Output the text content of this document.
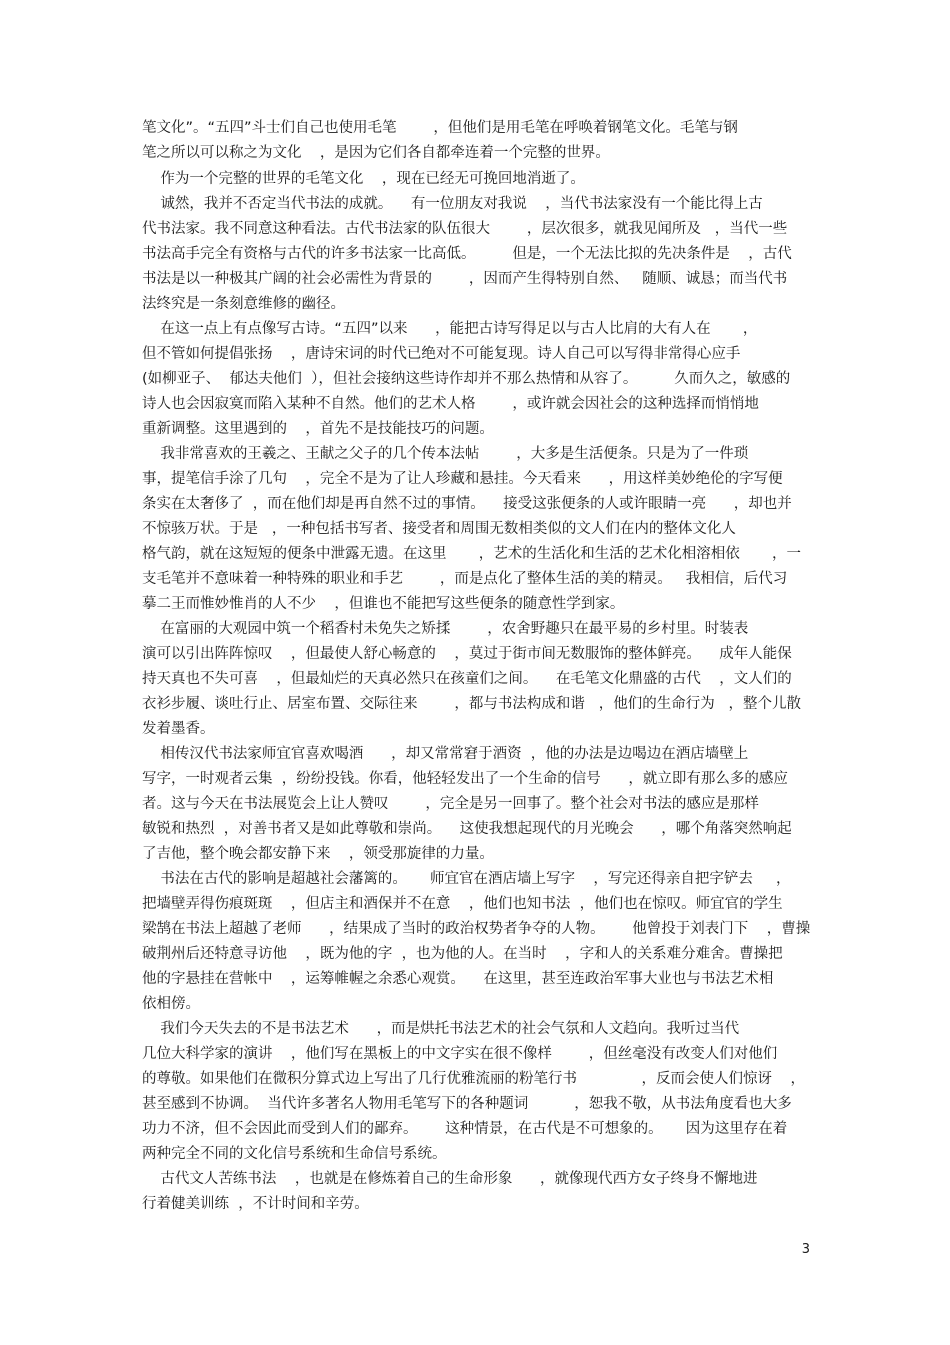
笔文化”。“五四”斗士们自己也使用毛笔        ，但他们是用毛笔在呼唤着钢笔文化。毛笔与钢
笔之所以可以称之为文化    ，是因为它们各自都牵连着一个完整的世界。
作为一个完整的世界的毛笔文化    ，现在已经无可挽回地消逝了。
诚然，我并不否定当代书法的成就。    有一位朋友对我说    ，当代书法家没有一个能比得上古
代书法家。我不同意这种看法。古代书法家的队伍很大        ，层次很多，就我见闻所及   ，当代一些
书法高手完全有资格与古代的许多书法家一比高低。        但是，一个无法比拟的先决条件是    ，古代
书法是以一种极其广阔的社会必需性为背景的        ，因而产生得特别自然、   随顺、诚恳；而当代书
法终究是一条刻意维修的幽径。
在这一点上有点像写古诗。“五四”以来      ，能把古诗写得足以与古人比肩的大有人在       ，
但不管如何提倡张扬    ，唐诗宋词的时代已绝对不可能复现。诗人自己可以写得非常得心应手
(如柳亚子、  郁达夫他们  ），但社会接纳这些诗作却并不那么热情和从容了。        久而久之，敏感的
诗人也会因寂寞而陷入某种不自然。他们的艺术人格        ，或许就会因社会的这种选择而悄悄地
重新调整。这里遇到的    ，首先不是技能技巧的问题。
我非常喜欢的王羲之、王献之父子的几个传本法帖        ，大多是生活便条。只是为了一件琐
事，提笔信手涂了几句    ，完全不是为了让人珍藏和悬挂。今天看来      ，用这样美妙绝伦的字写便
条实在太奢侈了  ，而在他们却是再自然不过的事情。    接受这张便条的人或许眼睛一亮      ，却也并
不惊骇万状。于是   ，一种包括书写者、接受者和周围无数相类似的文人们在内的整体文化人
格气韵，就在这短短的便条中泄露无遗。在这里       ，艺术的生活化和生活的艺术化相溶相依       ，一
支毛笔并不意味着一种特殊的职业和手艺        ，而是点化了整体生活的美的精灵。   我相信，后代习
摹二王而惟妙惟肖的人不少    ，但谁也不能把写这些便条的随意性学到家。
在富丽的大观园中筑一个稻香村未免失之矫揉        ，农舍野趣只在最平易的乡村里。时装表
演可以引出阵阵惊叹    ，但最使人舒心畅意的    ，莫过于街市间无数服饰的整体鲜亮。    成年人能保
持天真也不失可喜    ，但最灿烂的天真必然只在孩童们之间。    在毛笔文化鼎盛的古代    ，文人们的
衣衫步履、谈吐行止、居室布置、交际往来        ，都与书法构成和谐   ，他们的生命行为   ，整个儿散
发着墨香。
相传汉代书法家师宜官喜欢喝酒      ，却又常常窘于酒资  ，他的办法是边喝边在酒店墙壁上
写字，一时观者云集  ，纷纷投钱。你看，他轻轻发出了一个生命的信号      ，就立即有那么多的感应
者。这与今天在书法展览会上让人赞叹        ，完全是另一回事了。整个社会对书法的感应是那样
敏锐和热烈  ，对善书者又是如此尊敬和崇尚。    这使我想起现代的月光晚会      ，哪个角落突然响起
了吉他，整个晚会都安静下来    ，领受那旋律的力量。
书法在古代的影响是超越社会藩篱的。     师宜官在酒店墙上写字    ，写完还得亲自把字铲去     ，
把墙壁弄得伤痕斑斑    ，但店主和酒保并不在意    ，他们也知书法  ，他们也在惊叹。师宜官的学生
梁鹄在书法上超越了老师      ，结果成了当时的政治权势者争夺的人物。      他曾投于刘表门下    ，曹操
破荆州后还特意寻访他    ，既为他的字  ，也为他的人。在当时    ，字和人的关系难分难舍。曹操把
他的字悬挂在营帐中    ，运筹帷幄之余悉心观赏。    在这里，甚至连政治军事大业也与书法艺术相
依相傍。
我们今天失去的不是书法艺术      ，而是烘托书法艺术的社会气氛和人文趋向。我听过当代
几位大科学家的演讲    ，他们写在黑板上的中文字实在很不像样        ，但丝毫没有改变人们对他们
的尊敬。如果他们在微积分算式边上写出了几行优雅流丽的粉笔行书              ，反而会使人们惊讶    ，
甚至感到不协调。  当代许多著名人物用毛笔写下的各种题词          ，恕我不敬，从书法角度看也大多
功力不济，但不会因此而受到人们的鄙弃。      这种情景，在古代是不可想象的。     因为这里存在着
两种完全不同的文化信号系统和生命信号系统。
古代文人苦练书法    ，也就是在修炼着自己的生命形象      ，就像现代西方女子终身不懈地进
行着健美训练  ，不计时间和辛劳。
3
